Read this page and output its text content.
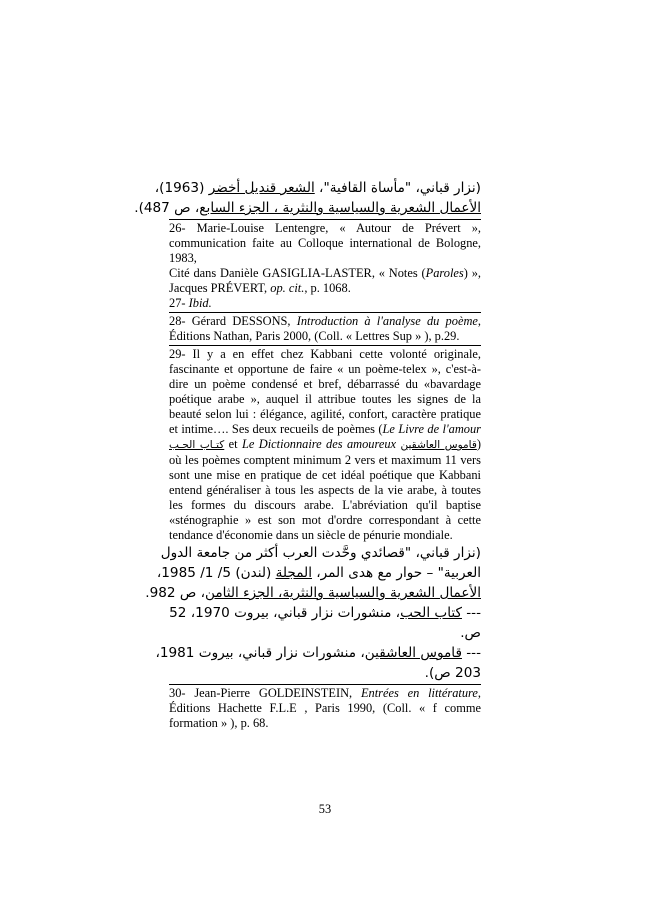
(نزار قباني، "مأساة القافية"، الشعر قنديل أخضر (1963)،
الأعمال الشعرية والسياسية والنثرية ، الجزء السابع، ص 487).
26- Marie-Louise Lentengre, « Autour de Prévert », communication faite au Colloque international de Bologne, 1983,
Cité dans Danièle GASIGLIA-LASTER, « Notes (Paroles) », Jacques PRÉVERT, op. cit., p. 1068.
27- Ibid.
28- Gérard DESSONS, Introduction à l'analyse du poème, Éditions Nathan, Paris 2000, (Coll. « Lettres Sup » ), p.29.
29- Il y a en effet chez Kabbani cette volonté originale, fascinante et opportune de faire « un poème-telex », c'est-à-dire un poème condensé et bref, débarrassé du «bavardage poétique arabe », auquel il attribue toutes les signes de la beauté selon lui : élégance, agilité, confort, caractère pratique et intime…. Ses deux recueils de poèmes (Le Livre de l'amour كتـاب الحـب et Le Dictionnaire des amoureux قاموس العاشقين) où les poèmes comptent minimum 2 vers et maximum 11 vers sont une mise en pratique de cet idéal poétique que Kabbani entend généraliser à tous les aspects de la vie arabe, à toutes les formes du discours arabe. L'abréviation qu'il baptise «sténographie » est son mot d'ordre correspondant à cette tendance d'économie dans un siècle de pénurie mondiale.
(نزار قباني، "قصائدي وحَّدت العرب أكثر من جامعة الدول
العربية" – حوار مع هدى المر، المجلة (لندن) 5/ 1/ 1985،
الأعمال الشعرية والسياسية والنثرية، الجزء الثامن، ص 982.
--- كتاب الحب، منشورات نزار قباني، بيروت 1970، 52
ص.
--- قاموس العاشقين، منشورات نزار قباني، بيروت 1981،
203 ص).
30- Jean-Pierre GOLDEINSTEIN, Entrées en littérature, Éditions Hachette F.L.E , Paris 1990, (Coll. « f comme formation » ), p. 68.
53
